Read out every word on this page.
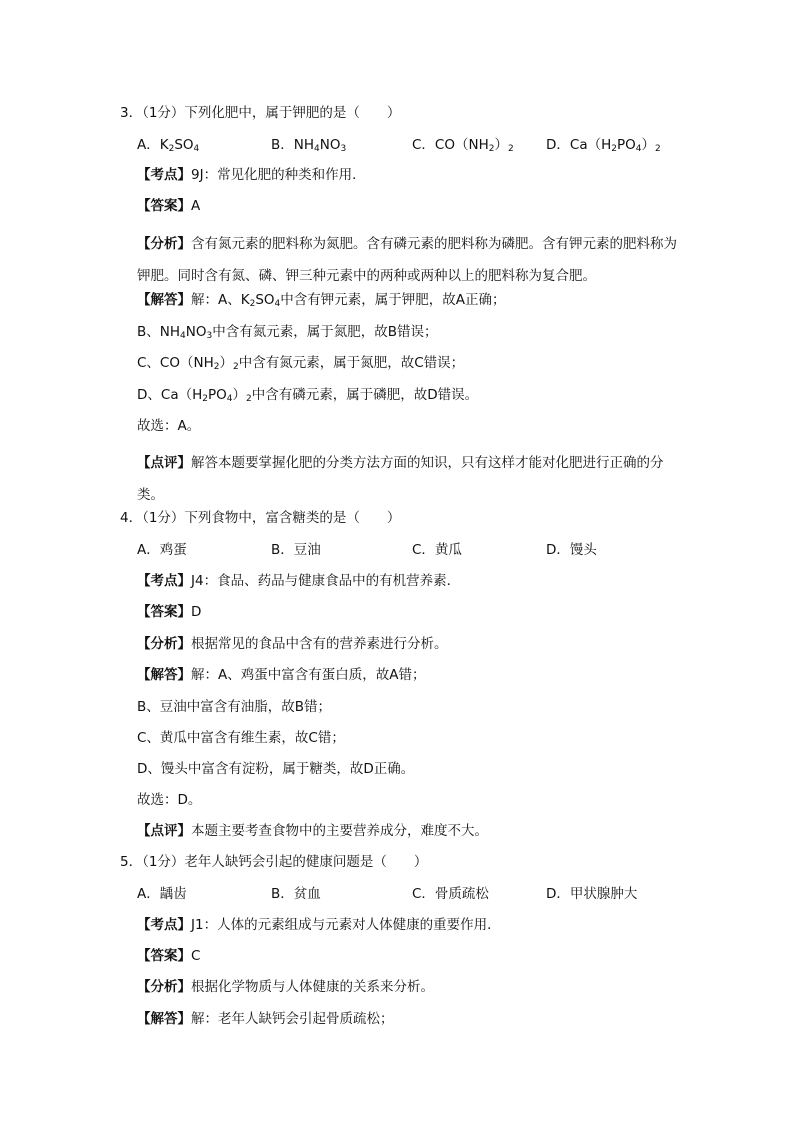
3．（1分）下列化肥中，属于钾肥的是（　　）
A．$K_2SO_4$	B．$NH_4NO_3$	C．$CO(NH_2)_2$ D．$Ca(H_2PO_4)_2$
【考点】9J：常见化肥的种类和作用．
【答案】A
【分析】含有氮元素的肥料称为氮肥。含有磷元素的肥料称为磷肥。含有钾元素的肥料称为钾肥。同时含有氮、磷、钾三种元素中的两种或两种以上的肥料称为复合肥。
【解答】解：A、$K_2SO_4$中含有钾元素，属于钾肥，故A正确；
B、$NH_4NO_3$中含有氮元素，属于氮肥，故B错误；
C、$CO(NH_2)_2$中含有氮元素，属于氮肥，故C错误；
D、$Ca(H_2PO_4)_2$中含有磷元素，属于磷肥，故D错误。
故选：A。
【点评】解答本题要掌握化肥的分类方法方面的知识，只有这样才能对化肥进行正确的分类。
4．（1分）下列食物中，富含糖类的是（　　）
A．鸡蛋	B．豆油	C．黄瓜	D．馒头
【考点】J4：食品、药品与健康食品中的有机营养素．
【答案】D
【分析】根据常见的食品中含有的营养素进行分析。
【解答】解：A、鸡蛋中富含有蛋白质，故A错；
B、豆油中富含有油脂，故B错；
C、黄瓜中富含有维生素，故C错；
D、馒头中富含有淀粉，属于糖类，故D正确。
故选：D。
【点评】本题主要考查食物中的主要营养成分，难度不大。
5．（1分）老年人缺钙会引起的健康问题是（　　）
A．龋齿	B．贫血	C．骨质疏松	D．甲状腺肿大
【考点】J1：人体的元素组成与元素对人体健康的重要作用．
【答案】C
【分析】根据化学物质与人体健康的关系来分析。
【解答】解：老年人缺钙会引起骨质疏松；
